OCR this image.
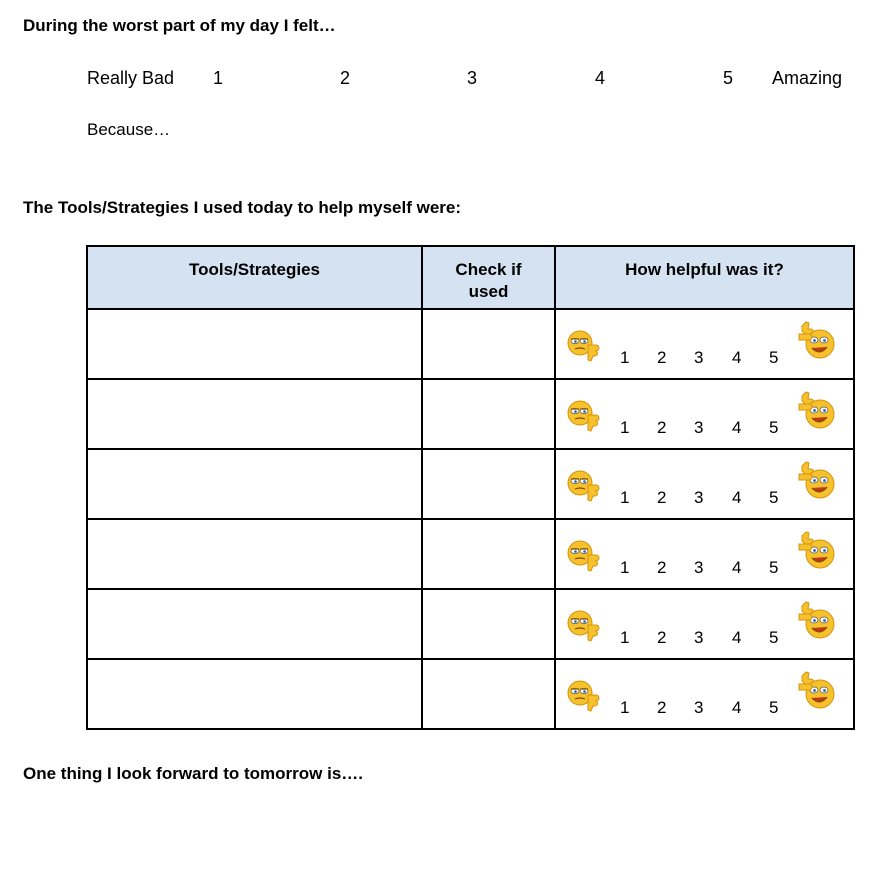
During the worst part of my day I felt…
Really Bad 1	2	3	4	5 Amazing
Because…
The Tools/Strategies I used today to help myself were:
Tools/Strategies	Check if used	How helpful was it?

		1 2 3 4 5

		1 2 3 4 5

		1 2 3 4 5

		1 2 3 4 5

		1 2 3 4 5

		1 2 3 4 5
One thing I look forward to tomorrow is….
